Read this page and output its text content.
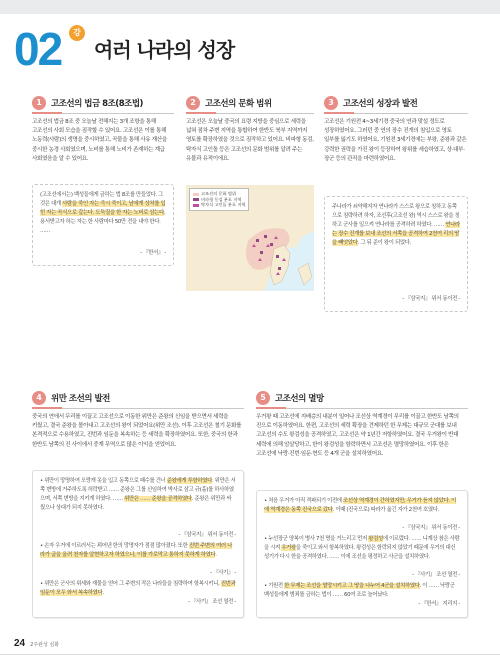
02	강
여러 나라의 성장
1	고조선의 법금 8조(8조법)
고조선의 법금 8조 중 오늘날 전해지는 3개 조항을 통해 고조선의 사회 모습을 짐작할 수 있어요. 고조선은 이를 통해 노동력(사람)의 생명을 중시하였고, 곡물을 통해 사유 재산을 중시한 농경 사회였으며, 노비를 통해 노비가 존재하는 계급 사회였음을 알 수 있어요.
(고조선에서는) 백성들에게 금하는 법 8조를 만들었다. 그것은 대개 사람을 죽인 자는 즉시 죽이고, 남에게 상처를 입힌 자는 곡식으로 갚는다. 도둑질을 한 자는 노비로 삼는다, 용서받고자 하는 자는 한 사람마다 50만 전을 내야 한다. ……
- 『한서』 -
2	고조선의 문화 범위
고조선은 오늘날 중국의 요령 지방을 중심으로 세력을 넓혀 점차 주변 지역을 통합하여 한반도 북부 지역까지 영토를 확장하였을 것으로 짐작하고 있어요. 비파형 동검, 탁자식 고인돌 등은 고조선의 문화 범위를 알려 주는 유물과 유적이에요.
고조선의 문화 범위
비파형 동검 분포 지역
탁자식 고인돌 분포 지역
3	고조선의 성장과 발전
고조선은 기원전 4~3세기경 중국의 연과 맞설 정도로 성장하였어요. 그러던 중 연의 장수 진개의 침입으로 영토 일부를 잃기도 하였어요. 기원전 3세기경에는 부왕, 준왕과 같은 강력한 권력을 가진 왕이 등장하여 왕위를 세습하였고, 상·대부·장군 등의 관직을 마련하였어요.
주나라가 쇠약해지자 연나라가 스스로 왕으로 칭하고 동쪽으로 침략하려 하자, 조선후(고조선 왕) 역시 스스로 왕을 칭하고 군사를 일으켜 연나라를 공격하려 하였다. …… 연나라는 장수 진개를 보내 조선의 서쪽을 공격하여 2천여 리의 땅을 빼앗았다. 그 뒤 준이 왕이 되었다.
- 『삼국지』 위서 동이전 -
4	위만 조선의 발전
중국의 연에서 무리를 이끌고 고조선으로 이동한 위만은 준왕의 신임을 받으면서 세력을 키웠고, 결국 준왕을 몰아내고 고조선의 왕이 되었어요(위만 조선). 이후 고조선은 철기 문화를 본격적으로 수용하였고, 진번과 임둔을 복속하는 등 세력을 확장하였어요. 또한, 중국의 한과 한반도 남쪽의 진 사이에서 중계 무역으로 많은 이익을 얻었어요.
• 위만이 망명하여 오랑캐 옷을 입고 동쪽으로 패수를 건너 준왕에게 투항하였다. 위만은 서쪽 변방에 거주하도록 허락받고 …… 준왕은 그를 신임하여 박사로 삼고 규(홀)를 하사하였으며, 서쪽 변방을 지키게 하였다. …… 위만은 …… 준왕을 공격하였다. 준왕은 위만과 싸웠으나 상대가 되지 못하였다.
- 『삼국지』 위서 동이전 -
• 손자 우거에 이르러서는 꾀어낸 한의 망명자가 점점 많아졌다. 또한 진번 주변의 여러 나라가 글을 올려 천자를 알현하고자 하였으나, 이를 가로막고 통하지 못하게 하였다.
- 『사기』 -
• 위만은 군사의 위세와 재물을 얻어 그 주변의 작은 나라들을 침략하여 항복시키니, 진번과 임둔이 모두 와서 복속하였다.
- 『사기』 조선 열전 -
5	고조선의 멸망
우거왕 때 고조선에 지배층의 내분이 일어나 조선상 역계경이 무리를 이끌고 한반도 남쪽의 진으로 이동하였어요. 한편, 고조선의 세력 확장을 견제하던 한 무제는 대규모 군대를 보내 고조선의 수도 왕검성을 공격하였고, 고조선은 약 1년간 저항하였어요. 결국 우거왕이 반대 세력에 의해 암살당하고, 한이 왕검성을 함락하면서 고조선은 멸망하였어요. 이후 한은 고조선에 낙랑·진번·임둔·현도 등 4개 군을 설치하였어요.
• 처음 우거가 아직 격파되기 이전에 조선상 역계경이 간하였지만, 우거가 듣지 않았다. 이에 역계경은 동쪽 진국으로 갔다. 이때 (진국으로) 따라가 옮긴 자가 2천여 호였다.
- 『삼국지』 위서 동이전 -
• 누선장군 양복이 병사 7천 명을 거느리고 먼저 왕검성에 이르렀다. …… 니계상 참은 사람을 시켜 우거왕을 죽이고 와서 항복하였다. 왕검성은 함락되지 않았기 때문에 우거의 대신 성기가 다시 한을 공격하였다. …… 이에 조선을 평정하고 사군을 설치하였다.
- 『사기』 조선 열전 -
• 기원전 한 무제는 조선을 멸망시키고 그 땅을 나누어 4군을 설치하였다. 이 …… 낙랑군 백성들에게 범죄를 금하는 법이 …… 60여 조로 늘어났다.
- 『한서』 지리지 -
24 2주완성 심화
